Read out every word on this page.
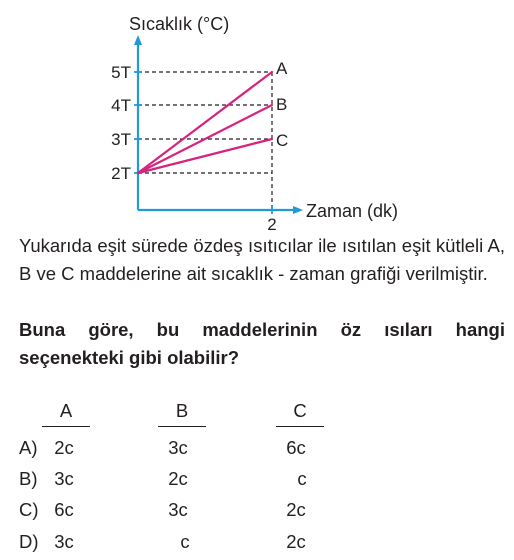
Sıcaklık (°C)
Zaman (dk)
5T
4T
3T
2T
2
A
B
C
Yukarıda eşit sürede özdeş ısıtıcılar ile ısıtılan eşit kütleli A, B ve C maddelerine ait sıcaklık - zaman grafiği verilmiştir.
Buna göre, bu maddelerinin öz ısıları hangi seçenekteki gibi olabilir?
A	B	C
A) 2c	3c	6c
B) 3c	2c	c
C) 6c	3c	2c
D) 3c	c	2c
